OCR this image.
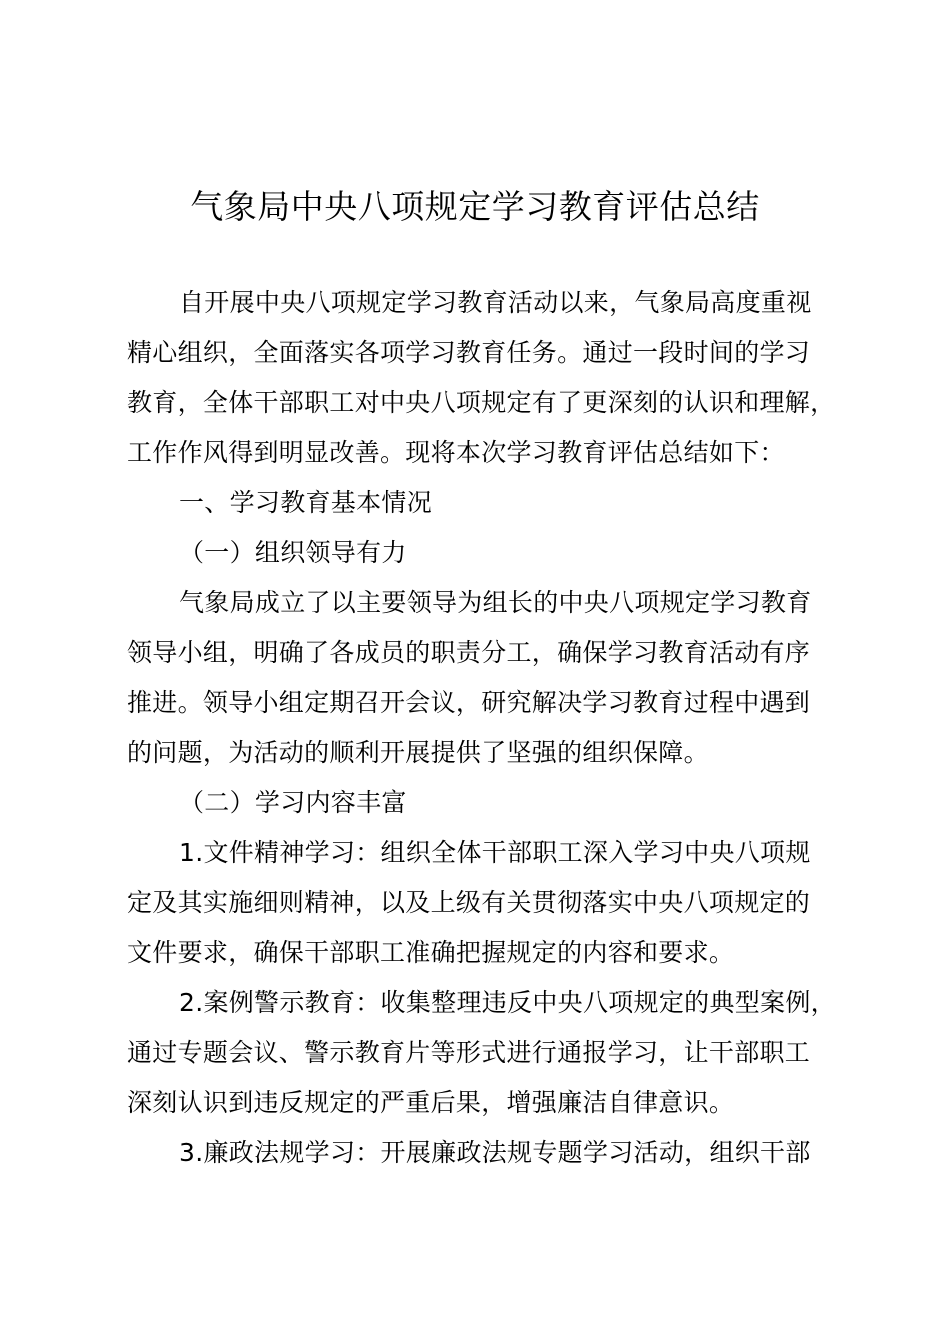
气象局中央八项规定学习教育评估总结
自开展中央八项规定学习教育活动以来，气象局高度重视
精心组织，全面落实各项学习教育任务。通过一段时间的学习
教育，全体干部职工对中央八项规定有了更深刻的认识和理解，
工作作风得到明显改善。现将本次学习教育评估总结如下：
一、学习教育基本情况
（一）组织领导有力
气象局成立了以主要领导为组长的中央八项规定学习教育
领导小组，明确了各成员的职责分工，确保学习教育活动有序
推进。领导小组定期召开会议，研究解决学习教育过程中遇到
的问题，为活动的顺利开展提供了坚强的组织保障。
（二）学习内容丰富
1.文件精神学习：组织全体干部职工深入学习中央八项规
定及其实施细则精神，以及上级有关贯彻落实中央八项规定的
文件要求，确保干部职工准确把握规定的内容和要求。
2.案例警示教育：收集整理违反中央八项规定的典型案例，
通过专题会议、警示教育片等形式进行通报学习，让干部职工
深刻认识到违反规定的严重后果，增强廉洁自律意识。
3.廉政法规学习：开展廉政法规专题学习活动，组织干部
